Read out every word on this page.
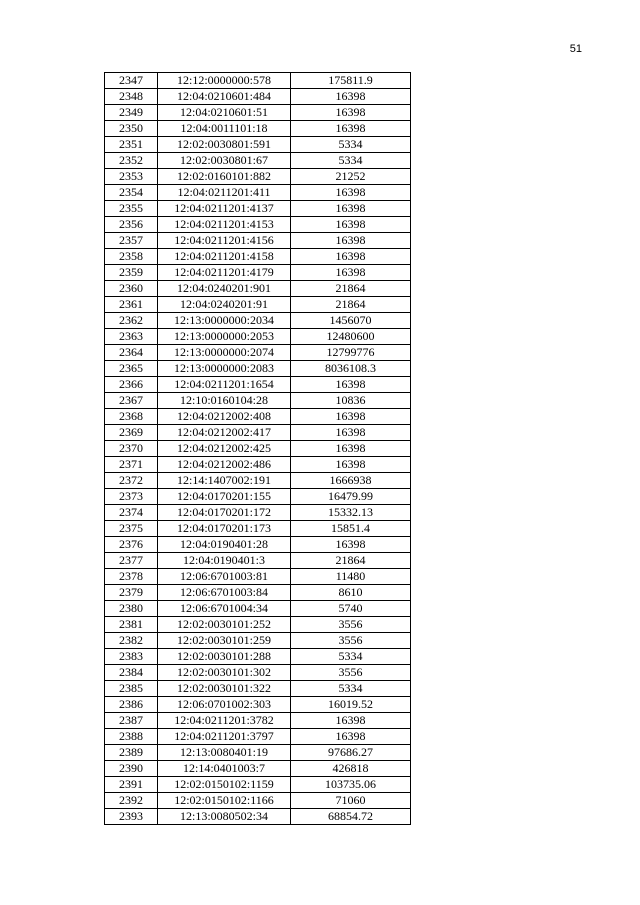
51
2347	12:12:0000000:578	175811.9
2348	12:04:0210601:484	16398
2349	12:04:0210601:51	16398
2350	12:04:0011101:18	16398
2351	12:02:0030801:591	5334
2352	12:02:0030801:67	5334
2353	12:02:0160101:882	21252
2354	12:04:0211201:411	16398
2355	12:04:0211201:4137	16398
2356	12:04:0211201:4153	16398
2357	12:04:0211201:4156	16398
2358	12:04:0211201:4158	16398
2359	12:04:0211201:4179	16398
2360	12:04:0240201:901	21864
2361	12:04:0240201:91	21864
2362	12:13:0000000:2034	1456070
2363	12:13:0000000:2053	12480600
2364	12:13:0000000:2074	12799776
2365	12:13:0000000:2083	8036108.3
2366	12:04:0211201:1654	16398
2367	12:10:0160104:28	10836
2368	12:04:0212002:408	16398
2369	12:04:0212002:417	16398
2370	12:04:0212002:425	16398
2371	12:04:0212002:486	16398
2372	12:14:1407002:191	1666938
2373	12:04:0170201:155	16479.99
2374	12:04:0170201:172	15332.13
2375	12:04:0170201:173	15851.4
2376	12:04:0190401:28	16398
2377	12:04:0190401:3	21864
2378	12:06:6701003:81	11480
2379	12:06:6701003:84	8610
2380	12:06:6701004:34	5740
2381	12:02:0030101:252	3556
2382	12:02:0030101:259	3556
2383	12:02:0030101:288	5334
2384	12:02:0030101:302	3556
2385	12:02:0030101:322	5334
2386	12:06:0701002:303	16019.52
2387	12:04:0211201:3782	16398
2388	12:04:0211201:3797	16398
2389	12:13:0080401:19	97686.27
2390	12:14:0401003:7	426818
2391	12:02:0150102:1159	103735.06
2392	12:02:0150102:1166	71060
2393	12:13:0080502:34	68854.72
